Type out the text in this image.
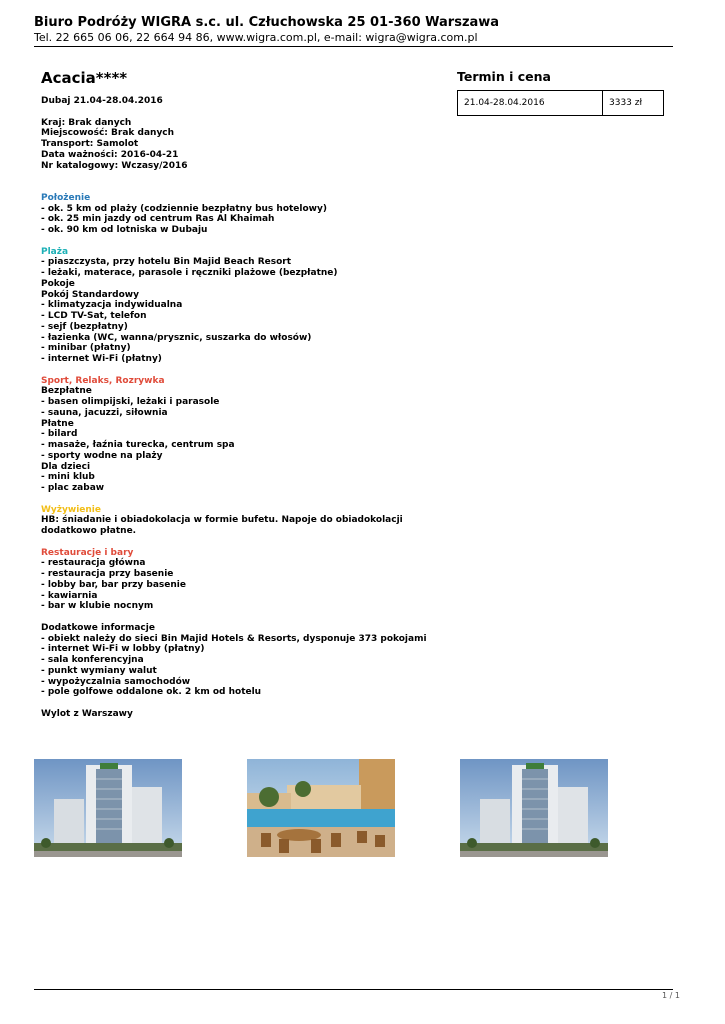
Biuro Podróży WIGRA s.c. ul. Człuchowska 25 01-360 Warszawa
Tel. 22 665 06 06, 22 664 94 86, www.wigra.com.pl, e-mail: wigra@wigra.com.pl
Acacia****	Termin i cena
21.04-28.04.2016	3333 zł

Dubaj 21.04-28.04.2016

Kraj: Brak danych

Miejscowość: Brak danych

Transport: Samolot

Data ważności: 2016-04-21

Nr katalogowy: Wczasy/2016

Położenie

- ok. 5 km od plaży (codziennie bezpłatny bus hotelowy)

- ok. 25 min jazdy od centrum Ras Al Khaimah

- ok. 90 km od lotniska w Dubaju

Plaża

- piaszczysta, przy hotelu Bin Majid Beach Resort

- leżaki, materace, parasole i ręczniki plażowe (bezpłatne)

Pokoje

Pokój Standardowy

- klimatyzacja indywidualna

- LCD TV-Sat, telefon

- sejf (bezpłatny)

- łazienka (WC, wanna/prysznic, suszarka do włosów)

- minibar (płatny)

- internet Wi-Fi (płatny)

Sport, Relaks, Rozrywka

Bezpłatne

- basen olimpijski, leżaki i parasole

- sauna, jacuzzi, siłownia

Płatne

- bilard

- masaże, łaźnia turecka, centrum spa

- sporty wodne na plaży

Dla dzieci

- mini klub

- plac zabaw

Wyżywienie

HB: śniadanie i obiadokolacja w formie bufetu. Napoje do obiadokolacji dodatkowo płatne.

Restauracje i bary

- restauracja główna

- restauracja przy basenie

- lobby bar, bar przy basenie

- kawiarnia

- bar w klubie nocnym

Dodatkowe informacje

- obiekt należy do sieci Bin Majid Hotels & Resorts, dysponuje 373 pokojami

- internet Wi-Fi w lobby (płatny)

- sala konferencyjna

- punkt wymiany walut

- wypożyczalnia samochodów

- pole golfowe oddalone ok. 2 km od hotelu

Wylot z Warszawy

1 / 1
